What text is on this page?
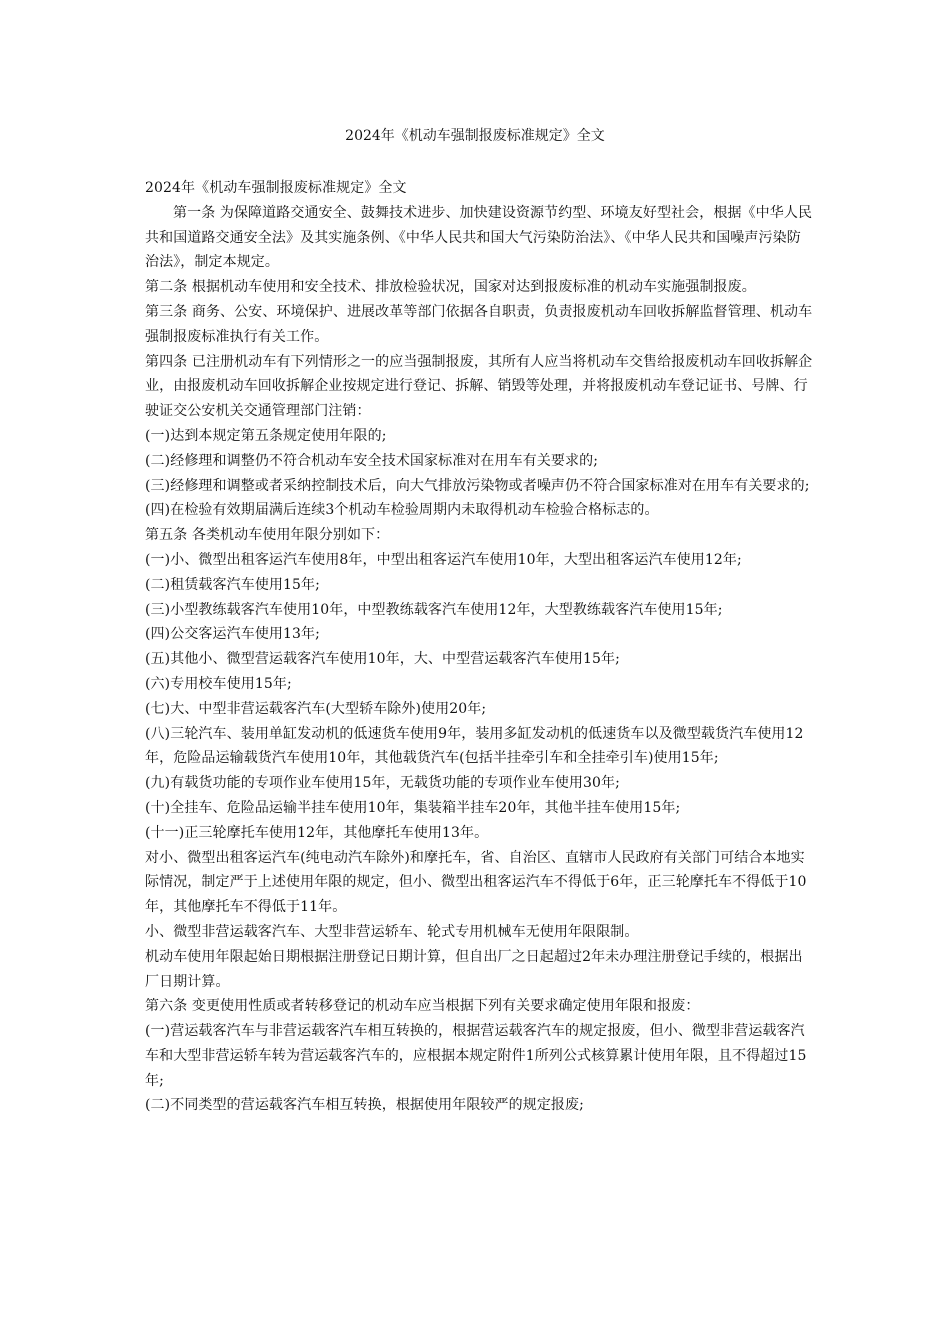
2024年《机动车强制报废标准规定》全文

2024年《机动车强制报废标准规定》全文

第一条 为保障道路交通安全、鼓舞技术进步、加快建设资源节约型、环境友好型社会，根据《中华人民共和国道路交通安全法》及其实施条例、《中华人民共和国大气污染防治法》、《中华人民共和国噪声污染防治法》，制定本规定。

第二条 根据机动车使用和安全技术、排放检验状况，国家对达到报废标准的机动车实施强制报废。

第三条 商务、公安、环境保护、进展改革等部门依据各自职责，负责报废机动车回收拆解监督管理、机动车强制报废标准执行有关工作。

第四条 已注册机动车有下列情形之一的应当强制报废，其所有人应当将机动车交售给报废机动车回收拆解企业，由报废机动车回收拆解企业按规定进行登记、拆解、销毁等处理，并将报废机动车登记证书、号牌、行驶证交公安机关交通管理部门注销：

(一)达到本规定第五条规定使用年限的;

(二)经修理和调整仍不符合机动车安全技术国家标准对在用车有关要求的;

(三)经修理和调整或者采纳控制技术后，向大气排放污染物或者噪声仍不符合国家标准对在用车有关要求的;

(四)在检验有效期届满后连续3个机动车检验周期内未取得机动车检验合格标志的。

第五条 各类机动车使用年限分别如下：

(一)小、微型出租客运汽车使用8年，中型出租客运汽车使用10年，大型出租客运汽车使用12年;

(二)租赁载客汽车使用15年;

(三)小型教练载客汽车使用10年，中型教练载客汽车使用12年，大型教练载客汽车使用15年;

(四)公交客运汽车使用13年;

(五)其他小、微型营运载客汽车使用10年，大、中型营运载客汽车使用15年;

(六)专用校车使用15年;

(七)大、中型非营运载客汽车(大型轿车除外)使用20年;

(八)三轮汽车、装用单缸发动机的低速货车使用9年，装用多缸发动机的低速货车以及微型载货汽车使用12年，危险品运输载货汽车使用10年，其他载货汽车(包括半挂牵引车和全挂牵引车)使用15年;

(九)有载货功能的专项作业车使用15年，无载货功能的专项作业车使用30年;

(十)全挂车、危险品运输半挂车使用10年，集装箱半挂车20年，其他半挂车使用15年;

(十一)正三轮摩托车使用12年，其他摩托车使用13年。

对小、微型出租客运汽车(纯电动汽车除外)和摩托车，省、自治区、直辖市人民政府有关部门可结合本地实际情况，制定严于上述使用年限的规定，但小、微型出租客运汽车不得低于6年，正三轮摩托车不得低于10年，其他摩托车不得低于11年。

小、微型非营运载客汽车、大型非营运轿车、轮式专用机械车无使用年限限制。

机动车使用年限起始日期根据注册登记日期计算，但自出厂之日起超过2年未办理注册登记手续的，根据出厂日期计算。

第六条 变更使用性质或者转移登记的机动车应当根据下列有关要求确定使用年限和报废：

(一)营运载客汽车与非营运载客汽车相互转换的，根据营运载客汽车的规定报废，但小、微型非营运载客汽车和大型非营运轿车转为营运载客汽车的，应根据本规定附件1所列公式核算累计使用年限，且不得超过15年;

(二)不同类型的营运载客汽车相互转换，根据使用年限较严的规定报废;
